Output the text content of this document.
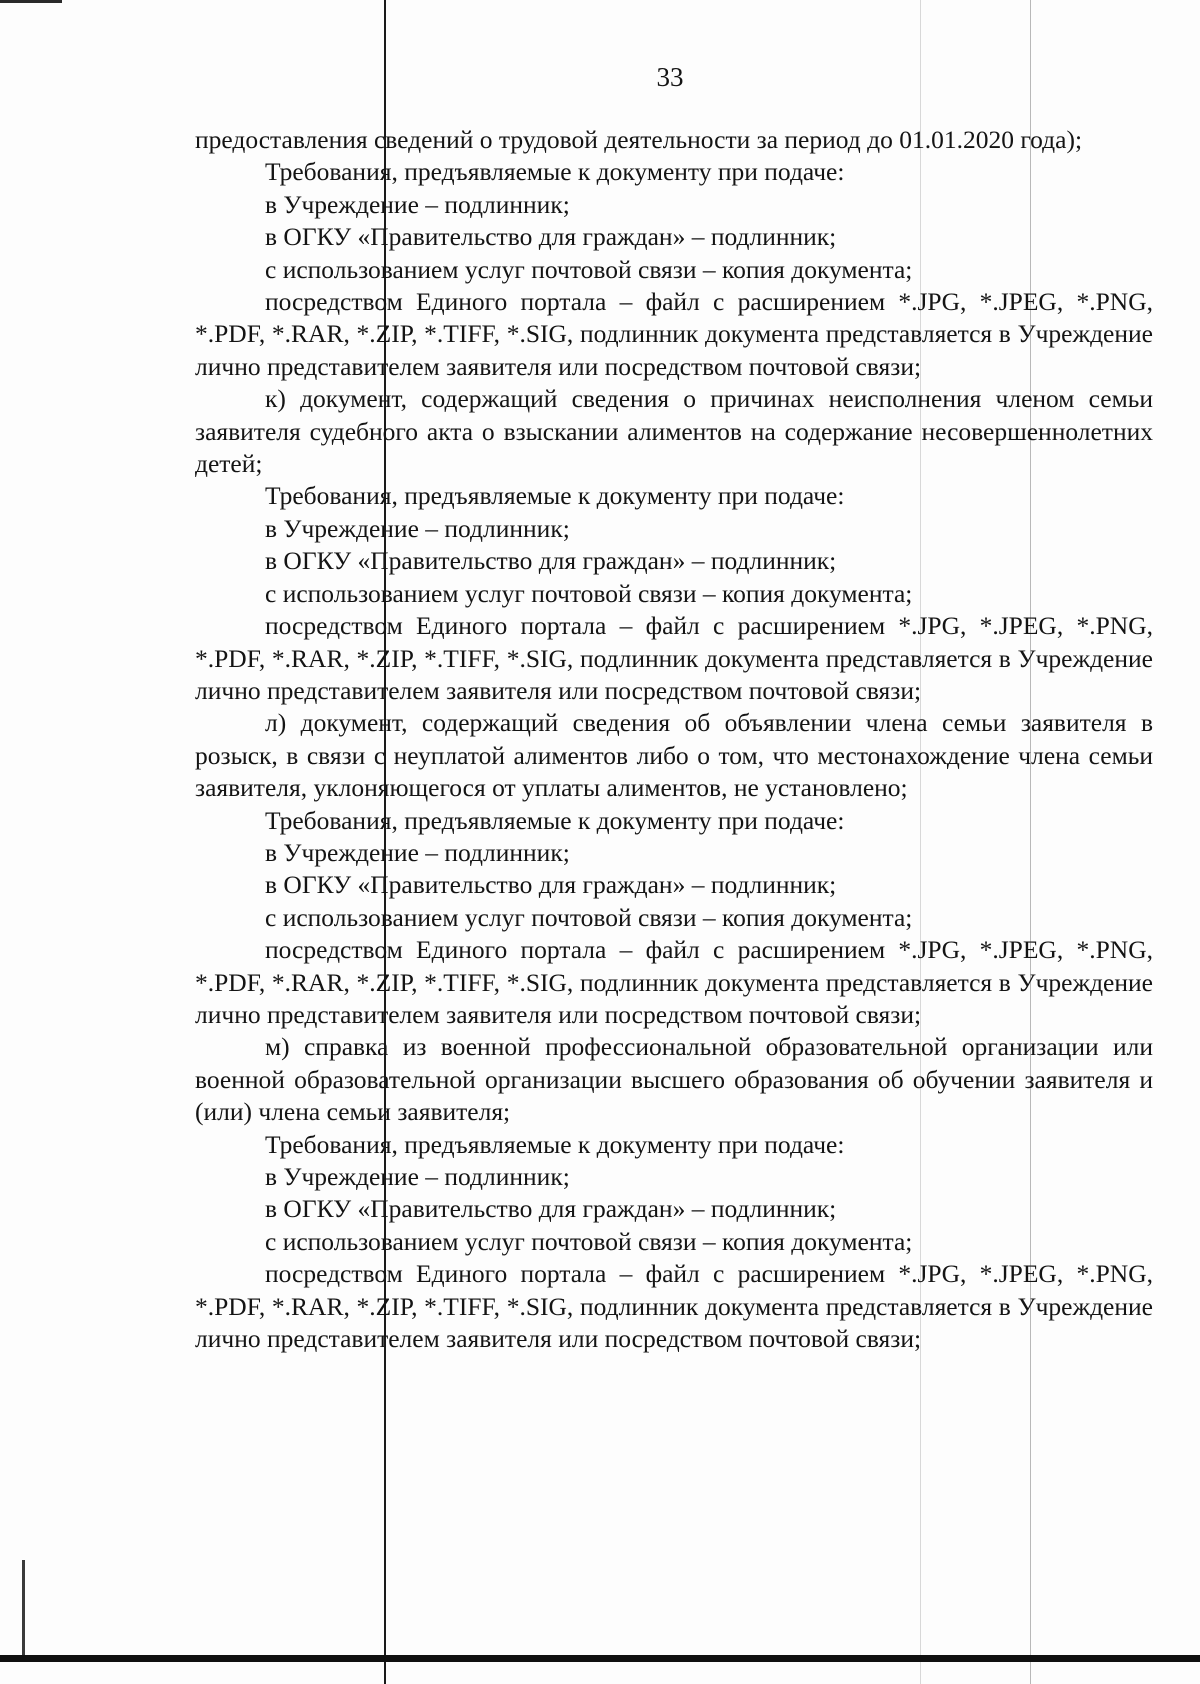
33

предоставления сведений о трудовой деятельности за период до 01.01.2020 года);

Требования, предъявляемые к документу при подаче:

в Учреждение – подлинник;

в ОГКУ «Правительство для граждан» – подлинник;

с использованием услуг почтовой связи – копия документа;

посредством Единого портала – файл с расширением *.JPG, *.JPEG, *.PNG, *.PDF, *.RAR, *.ZIP, *.TIFF, *.SIG, подлинник документа представляется в Учреждение лично представителем заявителя или посредством почтовой связи;

к) документ, содержащий сведения о причинах неисполнения членом семьи заявителя судебного акта о взыскании алиментов на содержание несовершеннолетних детей;

Требования, предъявляемые к документу при подаче:

в Учреждение – подлинник;

в ОГКУ «Правительство для граждан» – подлинник;

с использованием услуг почтовой связи – копия документа;

посредством Единого портала – файл с расширением *.JPG, *.JPEG, *.PNG, *.PDF, *.RAR, *.ZIP, *.TIFF, *.SIG, подлинник документа представляется в Учреждение лично представителем заявителя или посредством почтовой связи;

л) документ, содержащий сведения об объявлении члена семьи заявителя в розыск, в связи с неуплатой алиментов либо о том, что местонахождение члена семьи заявителя, уклоняющегося от уплаты алиментов, не установлено;

Требования, предъявляемые к документу при подаче:

в Учреждение – подлинник;

в ОГКУ «Правительство для граждан» – подлинник;

с использованием услуг почтовой связи – копия документа;

посредством Единого портала – файл с расширением *.JPG, *.JPEG, *.PNG, *.PDF, *.RAR, *.ZIP, *.TIFF, *.SIG, подлинник документа представляется в Учреждение лично представителем заявителя или посредством почтовой связи;

м) справка из военной профессиональной образовательной организации или военной образовательной организации высшего образования об обучении заявителя и (или) члена семьи заявителя;

Требования, предъявляемые к документу при подаче:

в Учреждение – подлинник;

в ОГКУ «Правительство для граждан» – подлинник;

с использованием услуг почтовой связи – копия документа;

посредством Единого портала – файл с расширением *.JPG, *.JPEG, *.PNG, *.PDF, *.RAR, *.ZIP, *.TIFF, *.SIG, подлинник документа представляется в Учреждение лично представителем заявителя или посредством почтовой связи;
